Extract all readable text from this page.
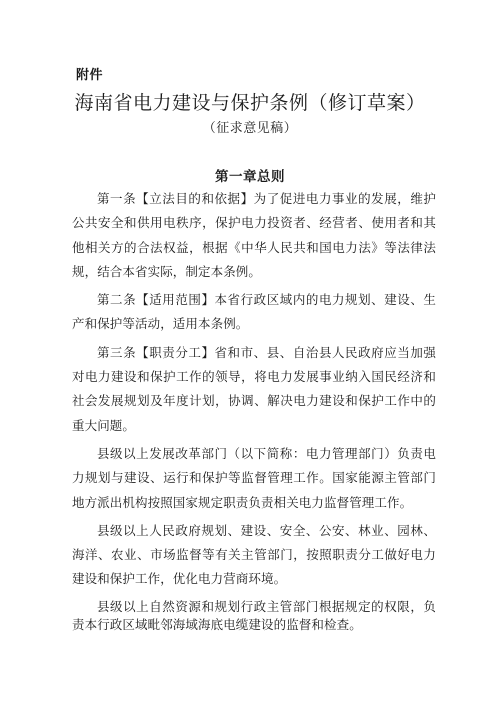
附件
海南省电力建设与保护条例（修订草案）
（征求意见稿）
第一章总则

第一条【立法目的和依据】为了促进电力事业的发展，维护公共安全和供用电秩序，保护电力投资者、经营者、使用者和其他相关方的合法权益，根据《中华人民共和国电力法》等法律法规，结合本省实际，制定本条例。

第二条【适用范围】本省行政区域内的电力规划、建设、生产和保护等活动，适用本条例。

第三条【职责分工】省和市、县、自治县人民政府应当加强对电力建设和保护工作的领导，将电力发展事业纳入国民经济和社会发展规划及年度计划，协调、解决电力建设和保护工作中的重大问题。

县级以上发展改革部门（以下简称：电力管理部门）负责电力规划与建设、运行和保护等监督管理工作。国家能源主管部门地方派出机构按照国家规定职责负责相关电力监督管理工作。

县级以上人民政府规划、建设、安全、公安、林业、园林、海洋、农业、市场监督等有关主管部门，按照职责分工做好电力建设和保护工作，优化电力营商环境。

县级以上自然资源和规划行政主管部门根据规定的权限，负责本行政区域毗邻海域海底电缆建设的监督和检查。
